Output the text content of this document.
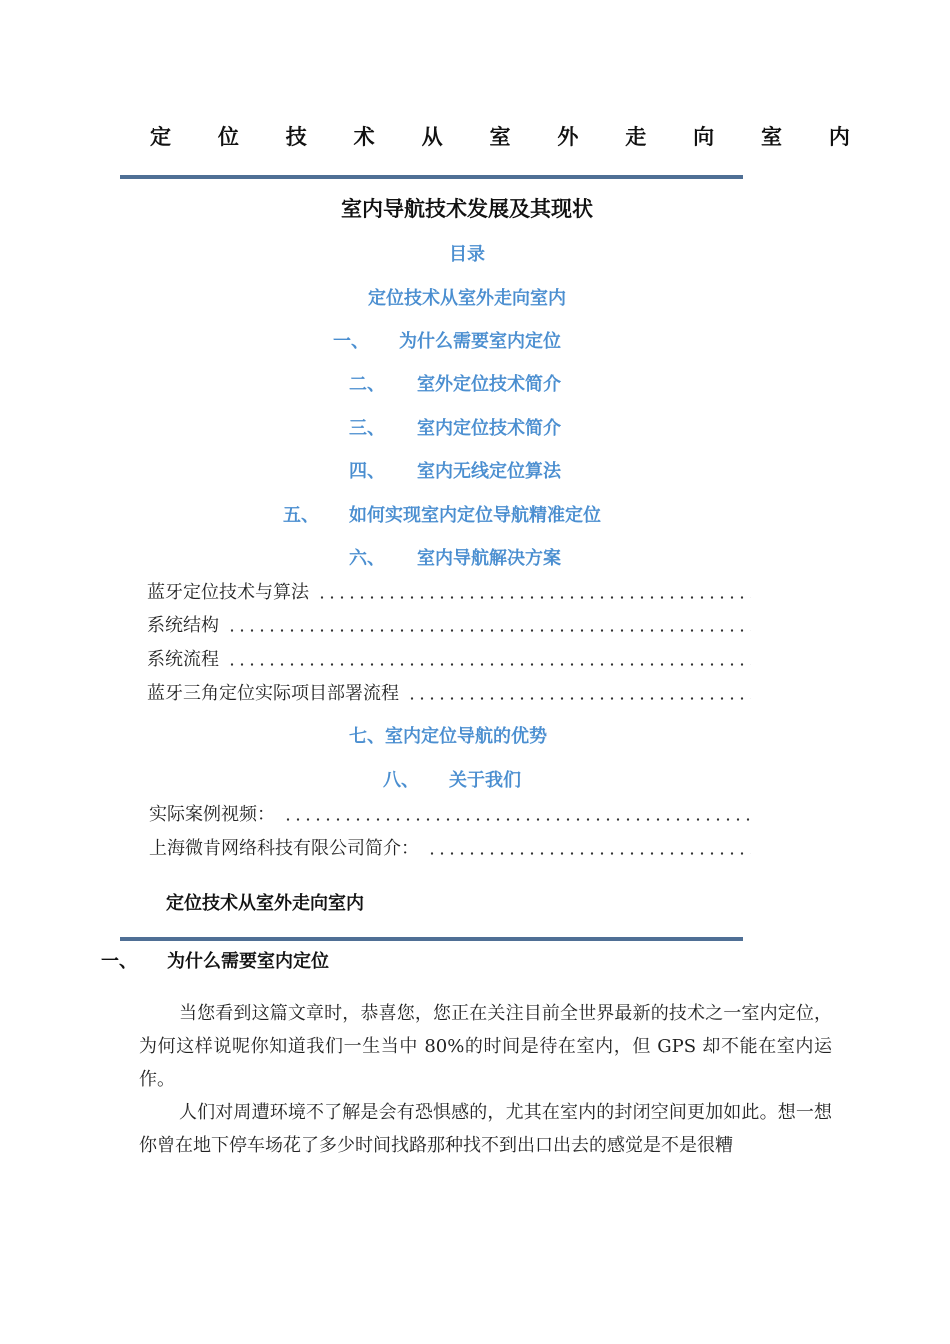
定 位 技 术 从 室 外 走 向 室 内
室内导航技术发展及其现状
目录
定位技术从室外走向室内
一、 为什么需要室内定位
二、 室外定位技术简介
三、 室内定位技术简介
四、 室内无线定位算法
五、 如何实现室内定位导航精准定位
六、 室内导航解决方案
蓝牙定位技术与算法
系统结构
系统流程
蓝牙三角定位实际项目部署流程
七、室内定位导航的优势
八、 关于我们
实际案例视频：
上海微肯网络科技有限公司简介：
定位技术从室外走向室内
一、 为什么需要室内定位

当您看到这篇文章时，恭喜您，您正在关注目前全世界最新的技术之一室内定位，为何这样说呢你知道我们一生当中 80%的时间是待在室内，但 GPS 却不能在室内运作。

人们对周遭环境不了解是会有恐惧感的，尤其在室内的封闭空间更加如此。想一想你曾在地下停车场花了多少时间找路那种找不到出口出去的感觉是不是很糟
